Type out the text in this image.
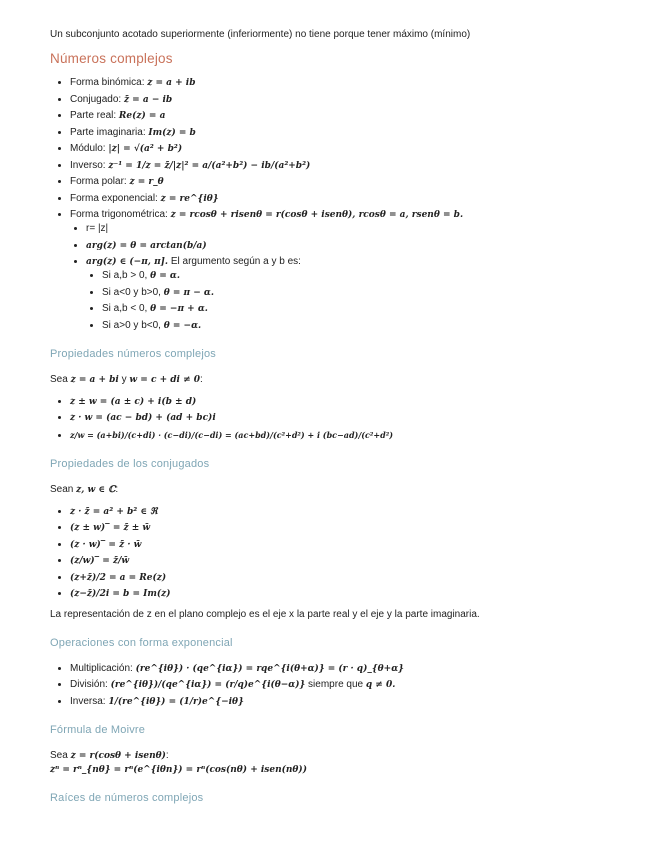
Un subconjunto acotado superiormente (inferiormente) no tiene porque tener máximo (mínimo)

Números complejos
• Forma binómica: z = a + ib
• Conjugado: z̄ = a − ib
• Parte real: Re(z) = a
• Parte imaginaria: Im(z) = b
• Módulo: |z| = √(a² + b²)
• Inverso: z⁻¹ = 1/z = z̄/|z|² = a/(a²+b²) − ib/(a²+b²)
• Forma polar: z = r_θ
• Forma exponencial: z = re^{iθ}
• Forma trigonométrica: z = rcosθ + risenθ = r(cosθ + isenθ), rcosθ = a, rsenθ = b.
• r= |z|
• arg(z) = θ = arctan(b/a)
• arg(z) ∈ (−π, π]. El argumento según a y b es:
• Si a,b > 0, θ = α.
• Si a<0 y b>0, θ = π − α.
• Si a,b < 0, θ = −π + α.
• Si a>0 y b<0, θ = −α.
Propiedades números complejos

Sea z = a + bi y w = c + di ≠ 0:

• z ± w = (a ± c) + i(b ± d)
• z · w = (ac − bd) + (ad + bc)i
• z/w = (a+bi)/(c+di) · (c−di)/(c−di) = (ac+bd)/(c²+d²) + i (bc−ad)/(c²+d²)
Propiedades de los conjugados

Sean z, w ∈ ℂ:

• z · z̄ = a² + b² ∈ ℜ
• (z ± w)‾ = z̄ ± w̄
• (z · w)‾ = z̄ · w̄
• (z/w)‾ = z̄/w̄
• (z+z̄)/2 = a = Re(z)
• (z−z̄)/2i = b = Im(z)

La representación de z en el plano complejo es el eje x la parte real y el eje y la parte imaginaria.

Operaciones con forma exponencial
• Multiplicación: (re^{iθ}) · (qe^{iα}) = rqe^{i(θ+α)} = (r · q)_{θ+α}
• División: (re^{iθ})/(qe^{iα}) = (r/q)e^{i(θ−α)} siempre que q ≠ 0.
• Inversa: 1/(re^{iθ}) = (1/r)e^{−iθ}
Fórmula de Moivre

Sea z = r(cosθ + isenθ):

zⁿ = rⁿ_{nθ} = rⁿ(e^{iθn}) = rⁿ(cos(nθ) + isen(nθ))

Raíces de números complejos
